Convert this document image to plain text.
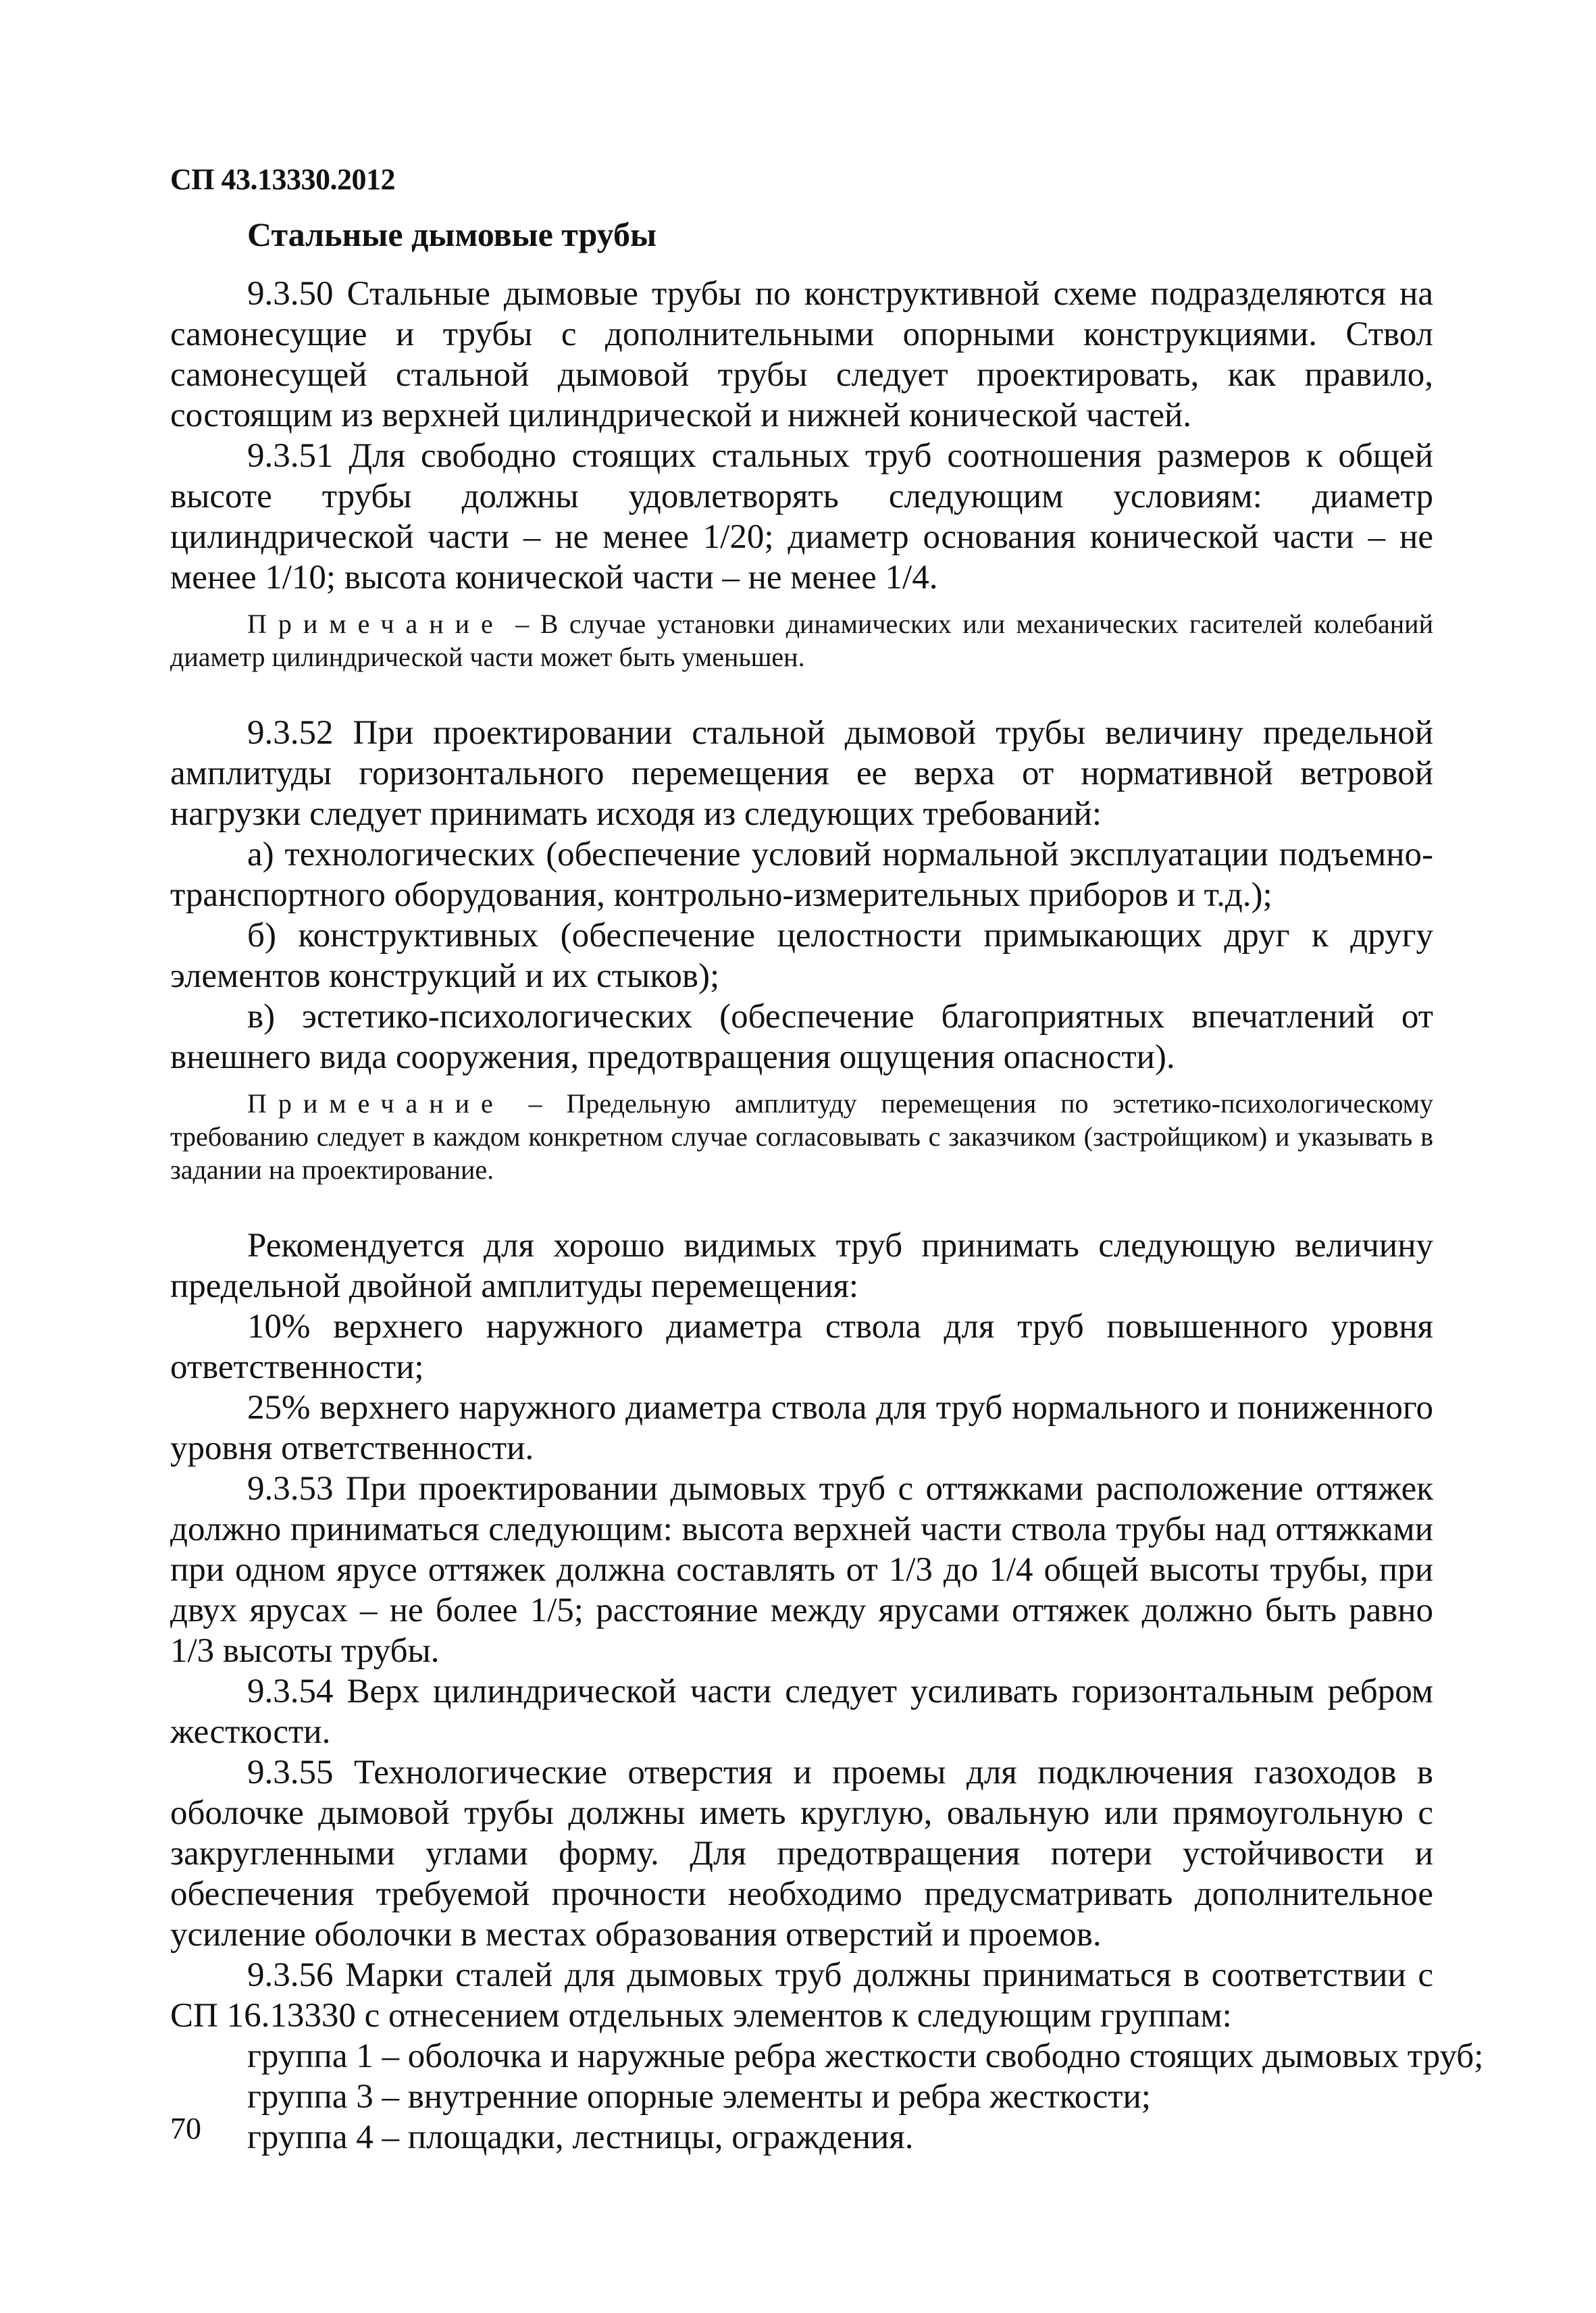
СП 43.13330.2012
Стальные дымовые трубы

9.3.50 Стальные дымовые трубы по конструктивной схеме подразделяются на самонесущие и трубы с дополнительными опорными конструкциями. Ствол самонесущей стальной дымовой трубы следует проектировать, как правило, состоящим из верхней цилиндрической и нижней конической частей.

9.3.51 Для свободно стоящих стальных труб соотношения размеров к общей высоте трубы должны удовлетворять следующим условиям: диаметр цилиндрической части – не менее 1/20; диаметр основания конической части – не менее 1/10; высота конической части – не менее 1/4.

Примечание – В случае установки динамических или механических гасителей колебаний диаметр цилиндрической части может быть уменьшен.

9.3.52 При проектировании стальной дымовой трубы величину предельной амплитуды горизонтального перемещения ее верха от нормативной ветровой нагрузки следует принимать исходя из следующих требований:

а) технологических (обеспечение условий нормальной эксплуатации подъемно-транспортного оборудования, контрольно-измерительных приборов и т.д.);

б) конструктивных (обеспечение целостности примыкающих друг к другу элементов конструкций и их стыков);

в) эстетико-психологических (обеспечение благоприятных впечатлений от внешнего вида сооружения, предотвращения ощущения опасности).

Примечание – Предельную амплитуду перемещения по эстетико-психологическому требованию следует в каждом конкретном случае согласовывать с заказчиком (застройщиком) и указывать в задании на проектирование.

Рекомендуется для хорошо видимых труб принимать следующую величину предельной двойной амплитуды перемещения:

10% верхнего наружного диаметра ствола для труб повышенного уровня ответственности;

25% верхнего наружного диаметра ствола для труб нормального и пониженного уровня ответственности.

9.3.53 При проектировании дымовых труб с оттяжками расположение оттяжек должно приниматься следующим: высота верхней части ствола трубы над оттяжками при одном ярусе оттяжек должна составлять от 1/3 до 1/4 общей высоты трубы, при двух ярусах – не более 1/5; расстояние между ярусами оттяжек должно быть равно 1/3 высоты трубы.

9.3.54 Верх цилиндрической части следует усиливать горизонтальным ребром жесткости.

9.3.55 Технологические отверстия и проемы для подключения газоходов в оболочке дымовой трубы должны иметь круглую, овальную или прямоугольную с закругленными углами форму. Для предотвращения потери устойчивости и обеспечения требуемой прочности необходимо предусматривать дополнительное усиление оболочки в местах образования отверстий и проемов.

9.3.56 Марки сталей для дымовых труб должны приниматься в соответствии с СП 16.13330 с отнесением отдельных элементов к следующим группам:

группа 1 – оболочка и наружные ребра жесткости свободно стоящих дымовых труб;

группа 3 – внутренние опорные элементы и ребра жесткости;

группа 4 – площадки, лестницы, ограждения.

70
